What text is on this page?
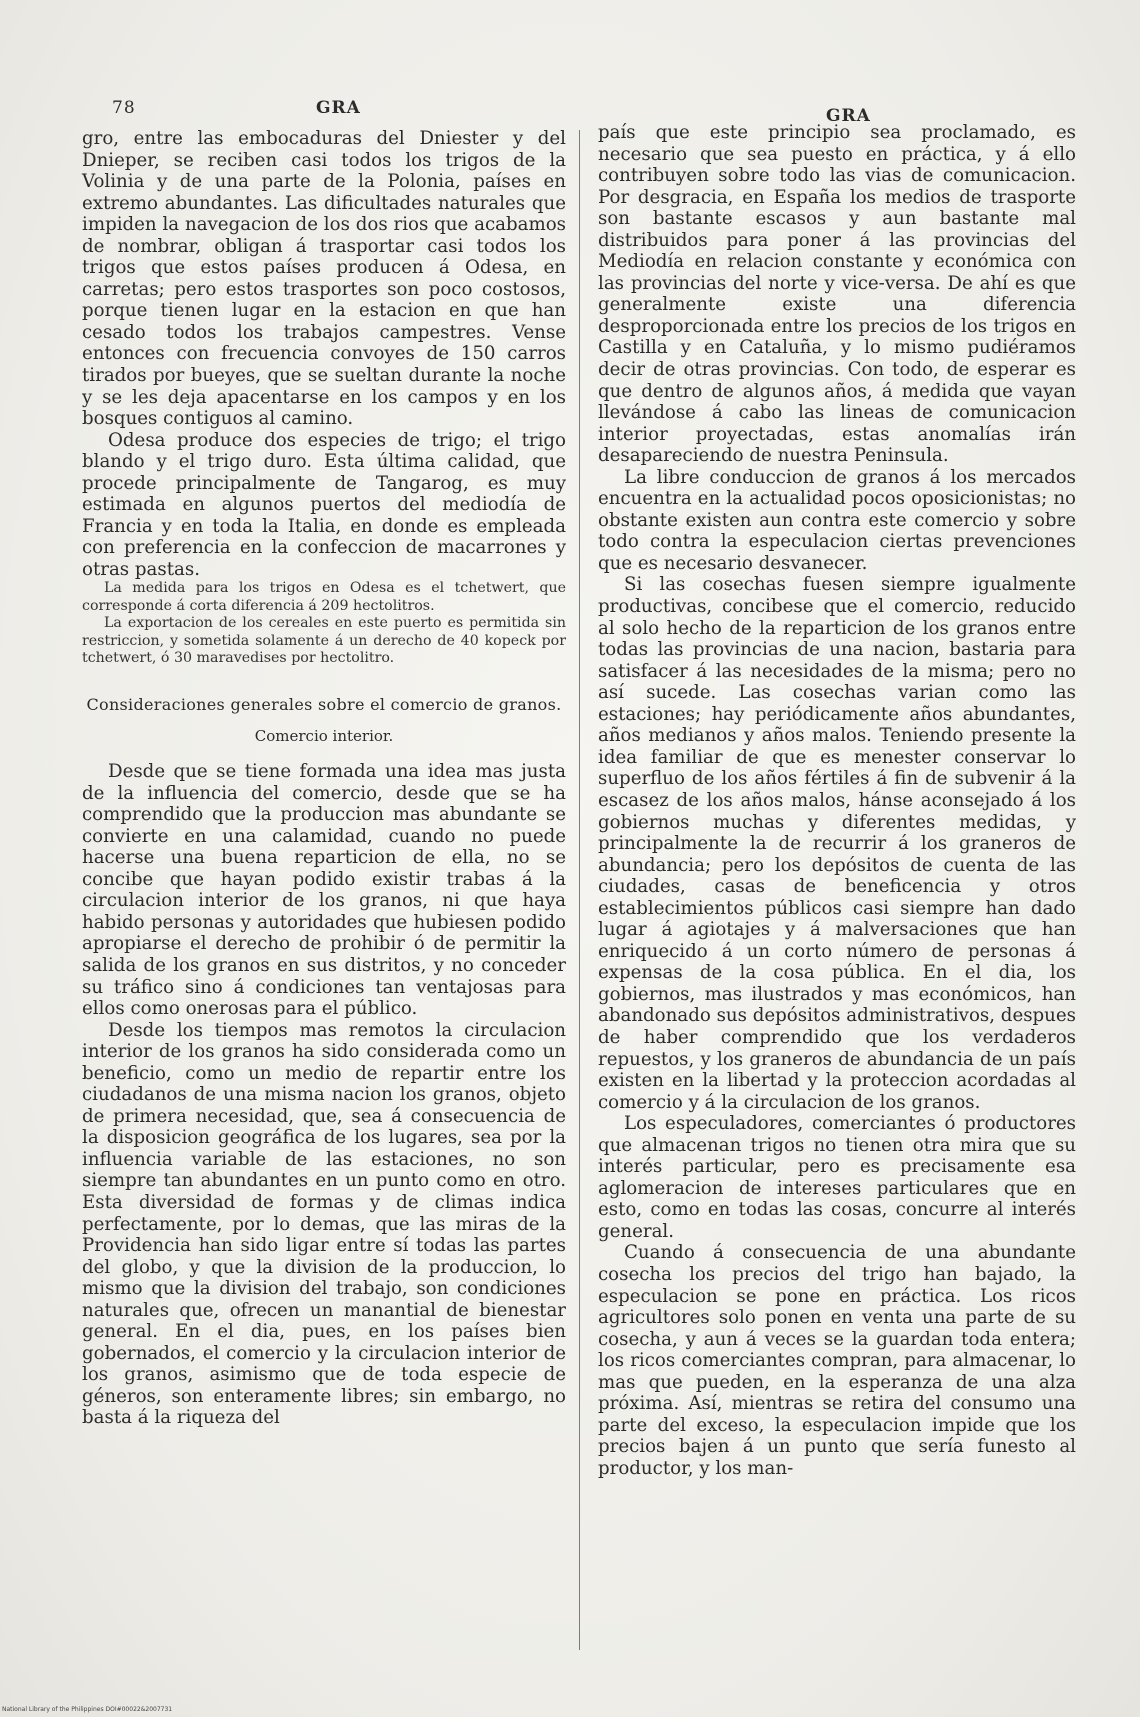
78	GRA	GRA

gro, entre las embocaduras del Dniester y del Dnieper, se reciben casi todos los trigos de la Volinia y de una parte de la Polonia, países en extremo abundantes. Las dificultades naturales que impiden la navegacion de los dos rios que acabamos de nombrar, obligan á trasportar casi todos los trigos que estos países producen á Odesa, en carretas; pero estos trasportes son poco costosos, porque tienen lugar en la estacion en que han cesado todos los trabajos campestres. Vense entonces con frecuencia convoyes de 150 carros tirados por bueyes, que se sueltan durante la noche y se les deja apacentarse en los campos y en los bosques contiguos al camino.

Odesa produce dos especies de trigo; el trigo blando y el trigo duro. Esta última calidad, que procede principalmente de Tangarog, es muy estimada en algunos puertos del mediodía de Francia y en toda la Italia, en donde es empleada con preferencia en la confeccion de macarrones y otras pastas.

La medida para los trigos en Odesa es el tchetwert, que corresponde á corta diferencia á 209 hectolitros.

La exportacion de los cereales en este puerto es permitida sin restriccion, y sometida solamente á un derecho de 40 kopeck por tchetwert, ó 30 maravedises por hectolitro.

Consideraciones generales sobre el comercio de granos.
Comercio interior.

Desde que se tiene formada una idea mas justa de la influencia del comercio, desde que se ha comprendido que la produccion mas abundante se convierte en una calamidad, cuando no puede hacerse una buena reparticion de ella, no se concibe que hayan podido existir trabas á la circulacion interior de los granos, ni que haya habido personas y autoridades que hubiesen podido apropiarse el derecho de prohibir ó de permitir la salida de los granos en sus distritos, y no conceder su tráfico sino á condiciones tan ventajosas para ellos como onerosas para el público.

Desde los tiempos mas remotos la circulacion interior de los granos ha sido considerada como un beneficio, como un medio de repartir entre los ciudadanos de una misma nacion los granos, objeto de primera necesidad, que, sea á consecuencia de la disposicion geográfica de los lugares, sea por la influencia variable de las estaciones, no son siempre tan abundantes en un punto como en otro. Esta diversidad de formas y de climas indica perfectamente, por lo demas, que las miras de la Providencia han sido ligar entre sí todas las partes del globo, y que la division de la produccion, lo mismo que la division del trabajo, son condiciones naturales que, ofrecen un manantial de bienestar general. En el dia, pues, en los países bien gobernados, el comercio y la circulacion interior de los granos, asimismo que de toda especie de géneros, son enteramente libres; sin embargo, no basta á la riqueza del

país que este principio sea proclamado, es necesario que sea puesto en práctica, y á ello contribuyen sobre todo las vias de comunicacion. Por desgracia, en España los medios de trasporte son bastante escasos y aun bastante mal distribuidos para poner á las provincias del Mediodía en relacion constante y económica con las provincias del norte y vice-versa. De ahí es que generalmente existe una diferencia desproporcionada entre los precios de los trigos en Castilla y en Cataluña, y lo mismo pudiéramos decir de otras provincias. Con todo, de esperar es que dentro de algunos años, á medida que vayan llevándose á cabo las lineas de comunicacion interior proyectadas, estas anomalías irán desapareciendo de nuestra Peninsula.

La libre conduccion de granos á los mercados encuentra en la actualidad pocos oposicionistas; no obstante existen aun contra este comercio y sobre todo contra la especulacion ciertas prevenciones que es necesario desvanecer.

Si las cosechas fuesen siempre igualmente productivas, concibese que el comercio, reducido al solo hecho de la reparticion de los granos entre todas las provincias de una nacion, bastaria para satisfacer á las necesidades de la misma; pero no así sucede. Las cosechas varian como las estaciones; hay periódicamente años abundantes, años medianos y años malos. Teniendo presente la idea familiar de que es menester conservar lo superfluo de los años fértiles á fin de subvenir á la escasez de los años malos, hánse aconsejado á los gobiernos muchas y diferentes medidas, y principalmente la de recurrir á los graneros de abundancia; pero los depósitos de cuenta de las ciudades, casas de beneficencia y otros establecimientos públicos casi siempre han dado lugar á agiotajes y á malversaciones que han enriquecido á un corto número de personas á expensas de la cosa pública. En el dia, los gobiernos, mas ilustrados y mas económicos, han abandonado sus depósitos administrativos, despues de haber comprendido que los verdaderos repuestos, y los graneros de abundancia de un país existen en la libertad y la proteccion acordadas al comercio y á la circulacion de los granos.

Los especuladores, comerciantes ó productores que almacenan trigos no tienen otra mira que su interés particular, pero es precisamente esa aglomeracion de intereses particulares que en esto, como en todas las cosas, concurre al interés general.

Cuando á consecuencia de una abundante cosecha los precios del trigo han bajado, la especulacion se pone en práctica. Los ricos agricultores solo ponen en venta una parte de su cosecha, y aun á veces se la guardan toda entera; los ricos comerciantes compran, para almacenar, lo mas que pueden, en la esperanza de una alza próxima. Así, mientras se retira del consumo una parte del exceso, la especulacion impide que los precios bajen á un punto que sería funesto al productor, y los man-

National Library of the Philippines DOI#00022&2007731
